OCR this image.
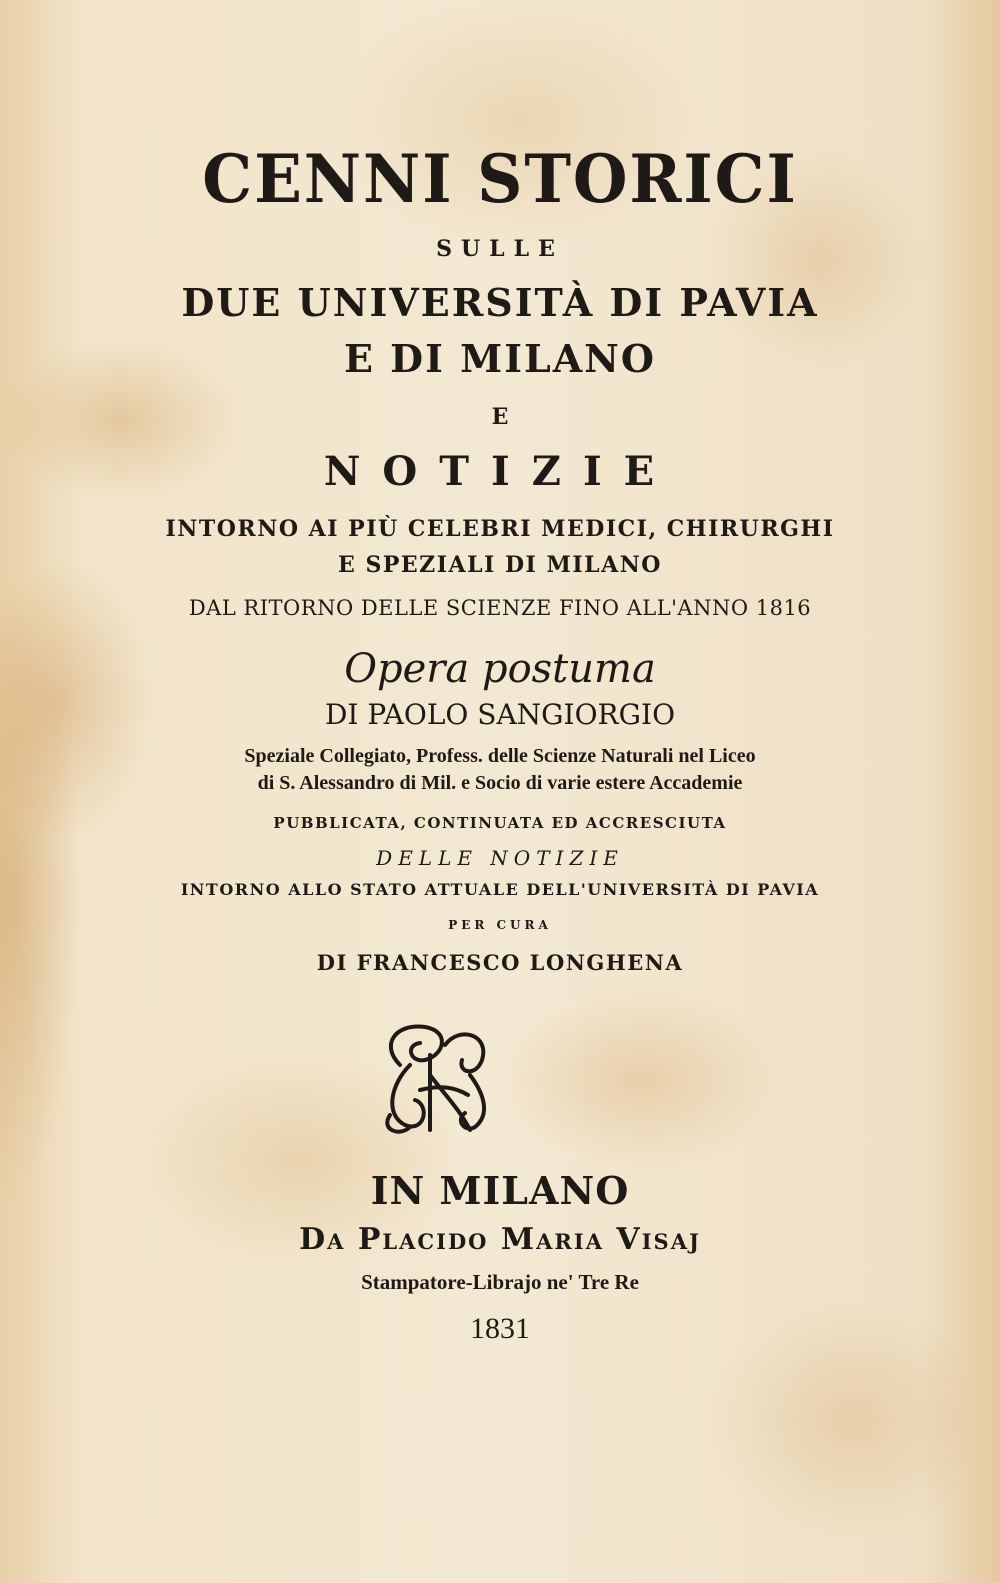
CENNI STORICI
SULLE
DUE UNIVERSITÀ DI PAVIA
E DI MILANO
E
NOTIZIE
INTORNO AI PIÙ CELEBRI MEDICI, CHIRURGHI
E SPEZIALI DI MILANO
DAL RITORNO DELLE SCIENZE FINO ALL'ANNO 1816
Opera postuma
DI PAOLO SANGIORGIO
Speziale Collegiato, Profess. delle Scienze Naturali nel Liceo
di S. Alessandro di Mil. e Socio di varie estere Accademie
PUBBLICATA, CONTINUATA ED ACCRESCIUTA
DELLE NOTIZIE
INTORNO ALLO STATO ATTUALE DELL'UNIVERSITÀ DI PAVIA
PER CURA
DI FRANCESCO LONGHENA
IN MILANO
Da Placido Maria Visaj
Stampatore-Librajo ne' Tre Re
1831
